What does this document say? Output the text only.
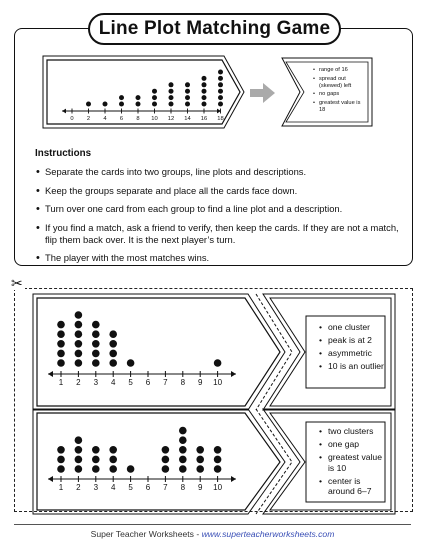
Line Plot Matching Game
0 2 4 6 8 10 12 14 16 18
• range of 16
• spread out (skewed) left
• no gaps
• greatest value is 18
Instructions
• Separate the cards into two groups, line plots and descriptions.
• Keep the groups separate and place all the cards face down.
• Turn over one card from each group to find a line plot and a description.
• If you find a match, ask a friend to verify, then keep the cards. If they are not a match, flip them back over. It is the next player’s turn.
• The player with the most matches wins.
✂
1 2 3 4 5 6 7 8 9 10
1 2 3 4 5 6 7 8 9 10
• one cluster
• peak is at 2
• asymmetric
• 10 is an outlier
• two clusters
• one gap
• greatest value is 10
• center is around 6–7
Super Teacher Worksheets - www.superteacherworksheets.com
